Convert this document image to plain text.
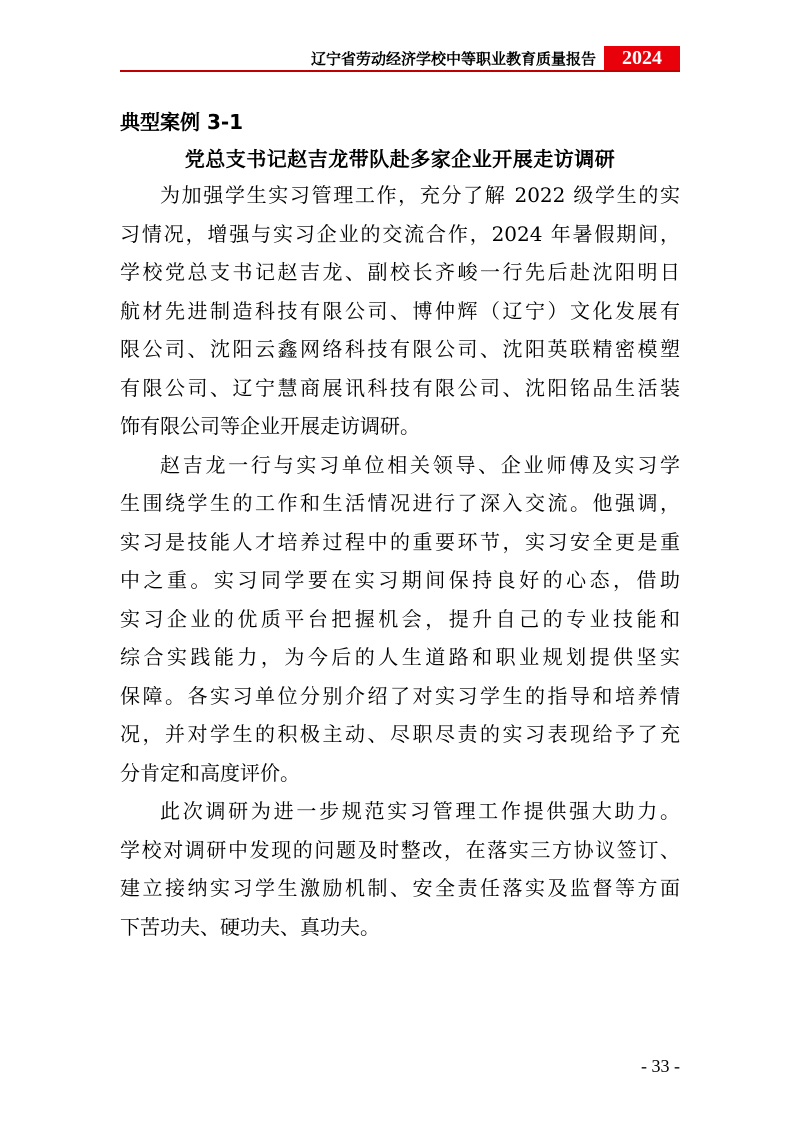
辽宁省劳动经济学校中等职业教育质量报告	2024
典型案例 3-1
党总支书记赵吉龙带队赴多家企业开展走访调研
为加强学生实习管理工作，充分了解 2022 级学生的实
习情况，增强与实习企业的交流合作，2024 年暑假期间，
学校党总支书记赵吉龙、副校长齐峻一行先后赴沈阳明日
航材先进制造科技有限公司、博仲辉（辽宁）文化发展有
限公司、沈阳云鑫网络科技有限公司、沈阳英联精密模塑
有限公司、辽宁慧商展讯科技有限公司、沈阳铭品生活装
饰有限公司等企业开展走访调研。
赵吉龙一行与实习单位相关领导、企业师傅及实习学
生围绕学生的工作和生活情况进行了深入交流。他强调，
实习是技能人才培养过程中的重要环节，实习安全更是重
中之重。实习同学要在实习期间保持良好的心态，借助
实习企业的优质平台把握机会，提升自己的专业技能和
综合实践能力，为今后的人生道路和职业规划提供坚实
保障。各实习单位分别介绍了对实习学生的指导和培养情
况，并对学生的积极主动、尽职尽责的实习表现给予了充
分肯定和高度评价。
此次调研为进一步规范实习管理工作提供强大助力。
学校对调研中发现的问题及时整改，在落实三方协议签订、
建立接纳实习学生激励机制、安全责任落实及监督等方面
下苦功夫、硬功夫、真功夫。
- 33 -
